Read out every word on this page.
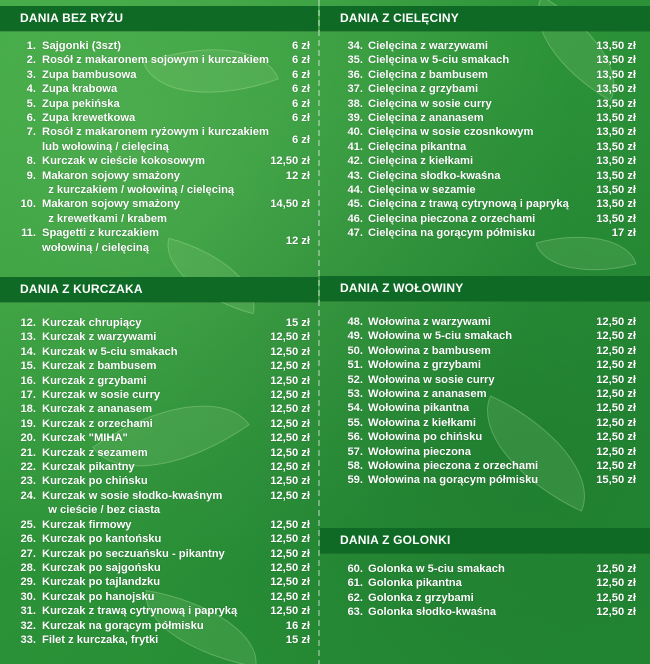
DANIA BEZ RYŻU
1. Sajgonki (3szt)	6 zł
2. Rosół z makaronem sojowym i kurczakiem 6 zł
3. Zupa bambusowa	6 zł
4. Zupa krabowa	6 zł
5. Zupa pekińska	6 zł
6. Zupa krewetkowa	6 zł
7. Rosół z makaronem ryżowym i kurczakiem
lub wołowiną / cielęciną
6 zł
8. Kurczak w cieście kokosowym	12,50 zł
9. Makaron sojowy smażony
z kurczakiem / wołowiną / cielęciną
12 zł
10. Makaron sojowy smażony
z krewetkami / krabem
14,50 zł
11. Spagetti z kurczakiem
wołowiną / cielęciną
12 zł
DANIA Z KURCZAKA
12. Kurczak chrupiący	15 zł
13. Kurczak z warzywami	12,50 zł
14. Kurczak w 5-ciu smakach	12,50 zł
15. Kurczak z bambusem	12,50 zł
16. Kurczak z grzybami	12,50 zł
17. Kurczak w sosie curry	12,50 zł
18. Kurczak z ananasem	12,50 zł
19. Kurczak z orzechami	12,50 zł
20. Kurczak "MIHA"	12,50 zł
21. Kurczak z sezamem	12,50 zł
22. Kurczak pikantny	12,50 zł
23. Kurczak po chińsku	12,50 zł
24. Kurczak w sosie słodko-kwaśnym
w cieście / bez ciasta
12,50 zł
25. Kurczak firmowy	12,50 zł
26. Kurczak po kantońsku	12,50 zł
27. Kurczak po seczuańsku - pikantny	12,50 zł
28. Kurczak po sajgońsku	12,50 zł
29. Kurczak po tajlandzku	12,50 zł
30. Kurczak po hanojsku	12,50 zł
31. Kurczak z trawą cytrynową i papryką	12,50 zł
32. Kurczak na gorącym półmisku	16 zł
33. Filet z kurczaka, frytki	15 zł
DANIA Z CIELĘCINY
34. Cielęcina z warzywami	13,50 zł
35. Cielęcina w 5-ciu smakach	13,50 zł
36. Cielęcina z bambusem	13,50 zł
37. Cielęcina z grzybami	13,50 zł
38. Cielęcina w sosie curry	13,50 zł
39. Cielęcina z ananasem	13,50 zł
40. Cielęcina w sosie czosnkowym	13,50 zł
41. Cielęcina pikantna	13,50 zł
42. Cielęcina z kiełkami	13,50 zł
43. Cielęcina słodko-kwaśna	13,50 zł
44. Cielęcina w sezamie	13,50 zł
45. Cielęcina z trawą cytrynową i papryką	13,50 zł
46. Cielęcina pieczona z orzechami	13,50 zł
47. Cielęcina na gorącym półmisku	17 zł
DANIA Z WOŁOWINY
48. Wołowina z warzywami	12,50 zł
49. Wołowina w 5-ciu smakach	12,50 zł
50. Wołowina z bambusem	12,50 zł
51. Wołowina z grzybami	12,50 zł
52. Wołowina w sosie curry	12,50 zł
53. Wołowina z ananasem	12,50 zł
54. Wołowina pikantna	12,50 zł
55. Wołowina z kiełkami	12,50 zł
56. Wołowina po chińsku	12,50 zł
57. Wołowina pieczona	12,50 zł
58. Wołowina pieczona z orzechami	12,50 zł
59. Wołowina na gorącym półmisku	15,50 zł
DANIA Z GOLONKI
60. Golonka w 5-ciu smakach	12,50 zł
61. Golonka pikantna	12,50 zł
62. Golonka z grzybami	12,50 zł
63. Golonka słodko-kwaśna	12,50 zł
